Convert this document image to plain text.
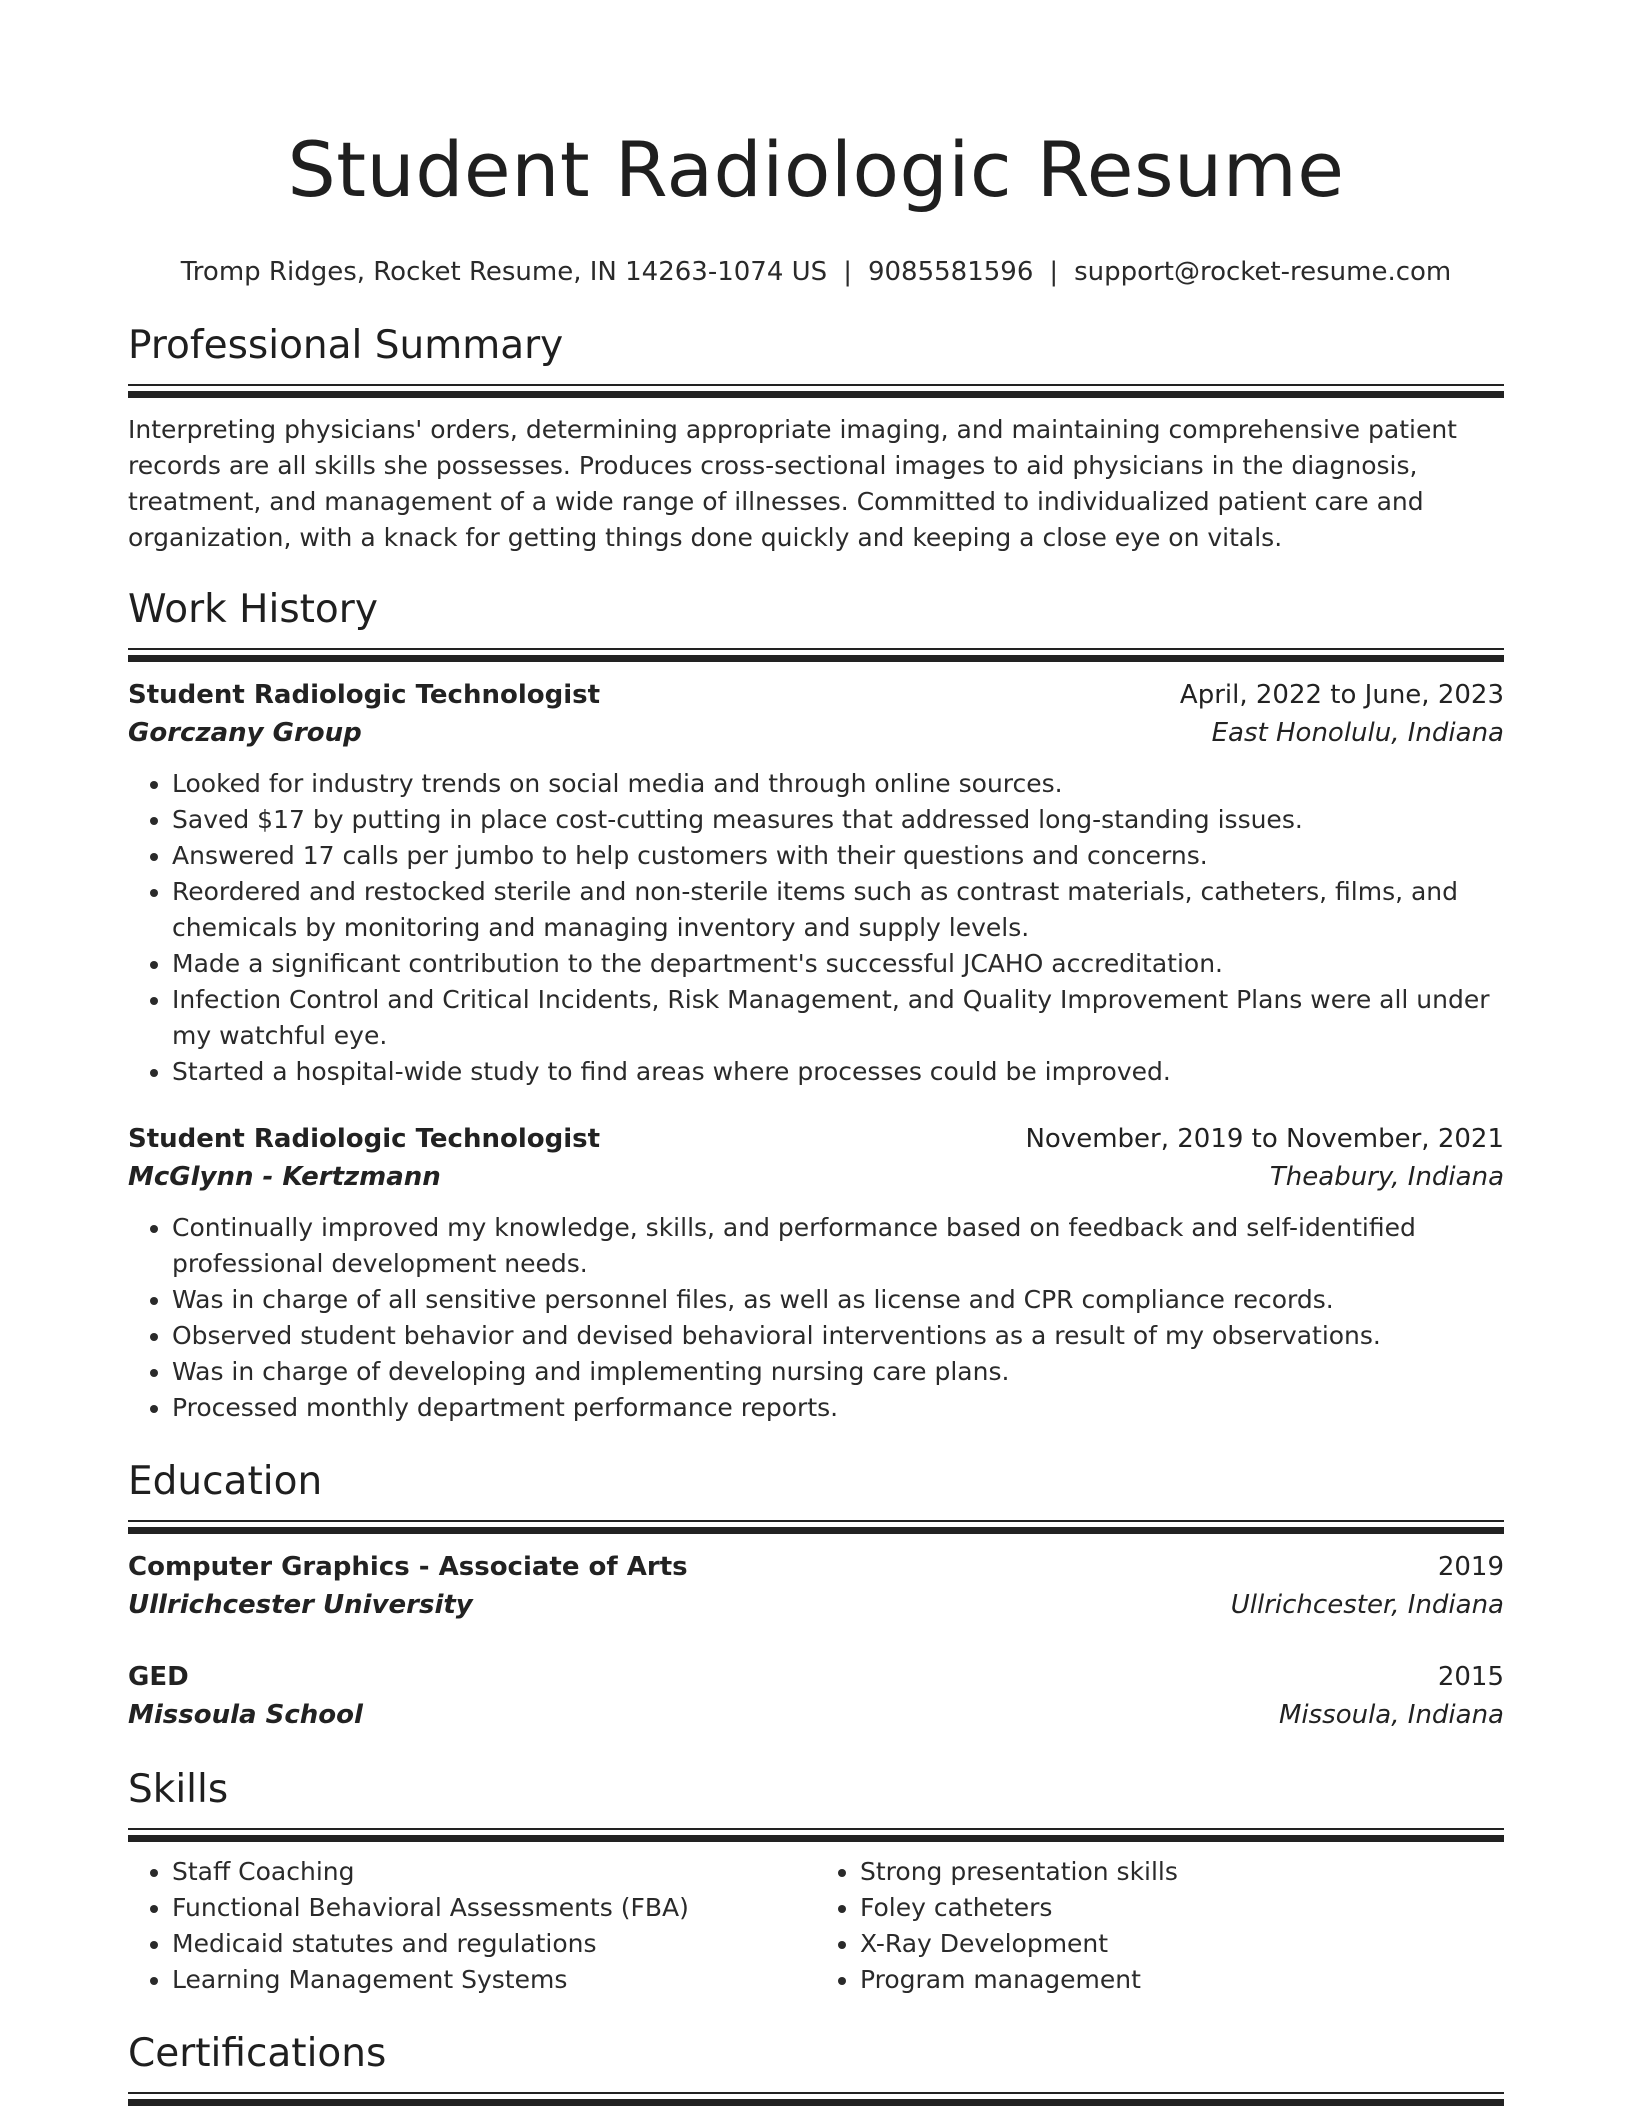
Student Radiologic Resume
Tromp Ridges, Rocket Resume, IN 14263-1074 US | 9085581596 | support@rocket-resume.com
Professional Summary
Interpreting physicians' orders, determining appropriate imaging, and maintaining comprehensive patient records are all skills she possesses. Produces cross-sectional images to aid physicians in the diagnosis, treatment, and management of a wide range of illnesses. Committed to individualized patient care and organization, with a knack for getting things done quickly and keeping a close eye on vitals.
Work History
Student Radiologic Technologist	April, 2022 to June, 2023
Gorczany Group	East Honolulu, Indiana
• Looked for industry trends on social media and through online sources.
• Saved $17 by putting in place cost-cutting measures that addressed long-standing issues.
• Answered 17 calls per jumbo to help customers with their questions and concerns.
• Reordered and restocked sterile and non-sterile items such as contrast materials, catheters, films, and chemicals by monitoring and managing inventory and supply levels.
• Made a significant contribution to the department's successful JCAHO accreditation.
• Infection Control and Critical Incidents, Risk Management, and Quality Improvement Plans were all under my watchful eye.
• Started a hospital-wide study to find areas where processes could be improved.
Student Radiologic Technologist	November, 2019 to November, 2021
McGlynn - Kertzmann	Theabury, Indiana
• Continually improved my knowledge, skills, and performance based on feedback and self-identified professional development needs.
• Was in charge of all sensitive personnel files, as well as license and CPR compliance records.
• Observed student behavior and devised behavioral interventions as a result of my observations.
• Was in charge of developing and implementing nursing care plans.
• Processed monthly department performance reports.
Education
Computer Graphics - Associate of Arts	2019
Ullrichcester University	Ullrichcester, Indiana
GED	2015
Missoula School	Missoula, Indiana
Skills
• Staff Coaching
• Functional Behavioral Assessments (FBA)
• Medicaid statutes and regulations
• Learning Management Systems
• Strong presentation skills
• Foley catheters
• X-Ray Development
• Program management
Certifications
